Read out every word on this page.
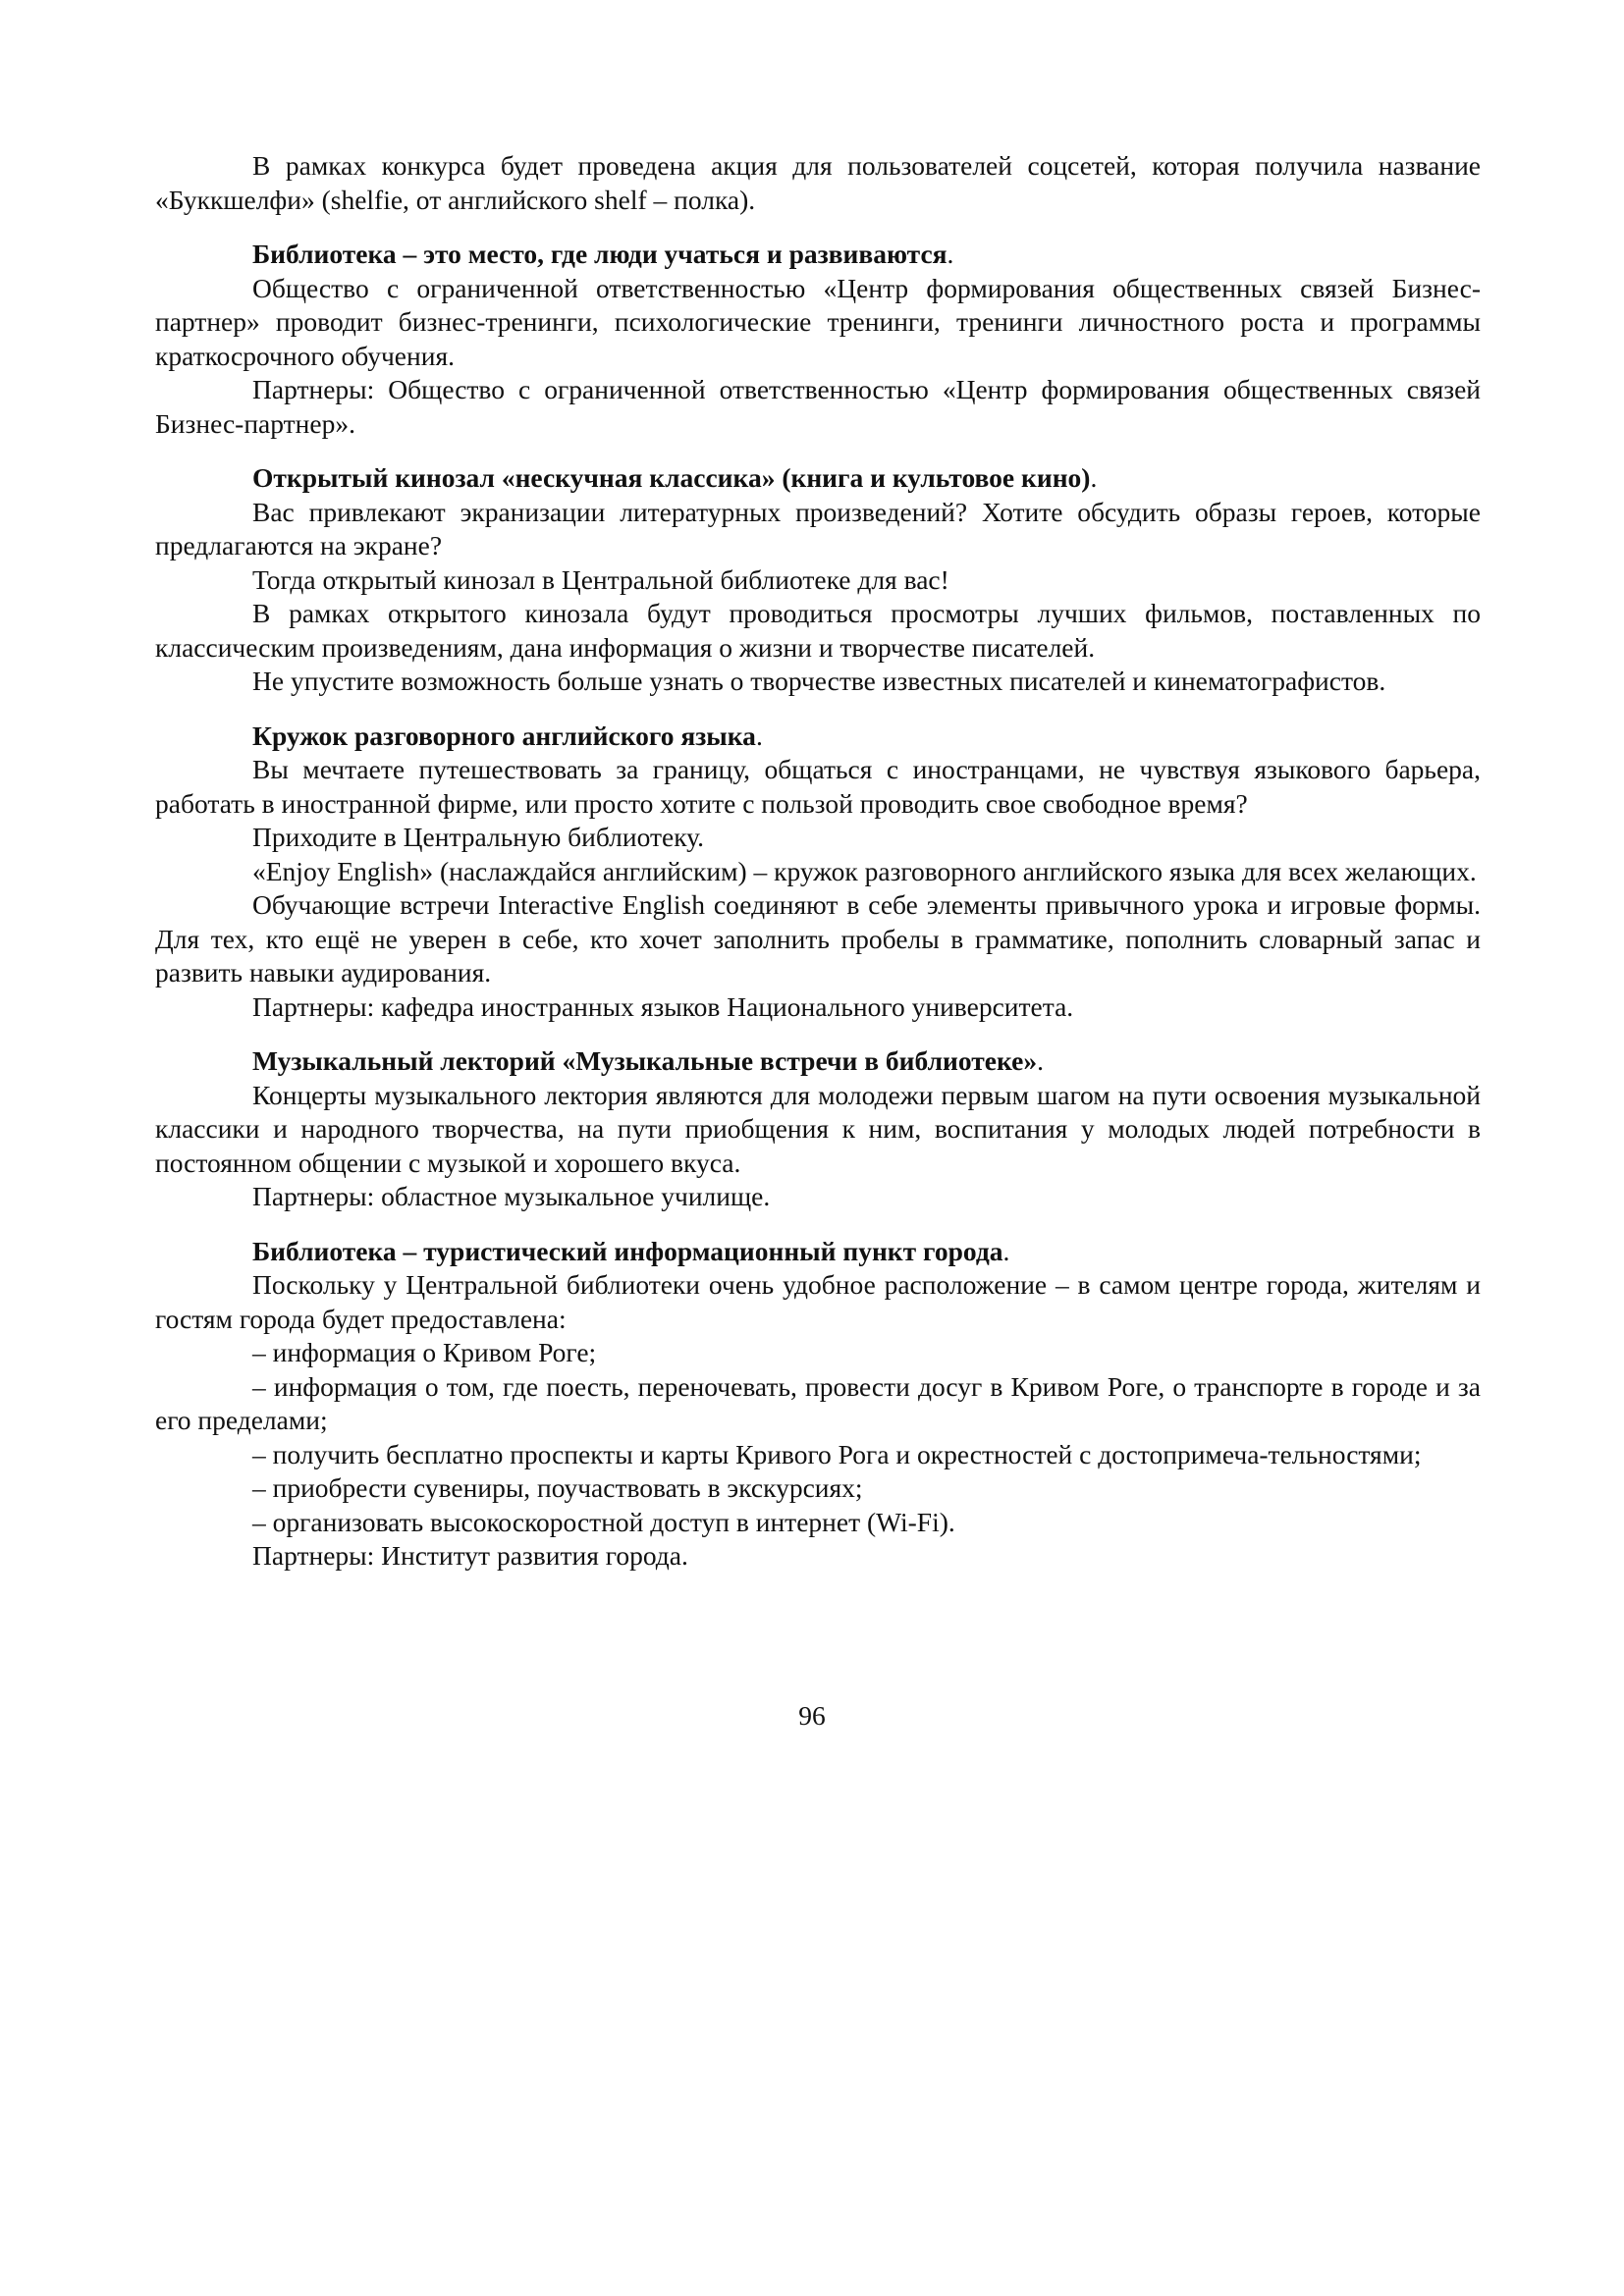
В рамках конкурса будет проведена акция для пользователей соцсетей, которая получила название «Буккшелфи» (shelfie, от английского shelf – полка).

Библиотека – это место, где люди учаться и развиваются.

Общество с ограниченной ответственностью «Центр формирования общественных связей Бизнес-партнер» проводит бизнес-тренинги, психологические тренинги, тренинги личностного роста и программы краткосрочного обучения.

Партнеры: Общество с ограниченной ответственностью «Центр формирования общественных связей Бизнес-партнер».

Открытый кинозал «нескучная классика» (книга и культовое кино).

Вас привлекают экранизации литературных произведений? Хотите обсудить образы героев, которые предлагаются на экране?

Тогда открытый кинозал в Центральной библиотеке для вас!

В рамках открытого кинозала будут проводиться просмотры лучших фильмов, поставленных по классическим произведениям, дана информация о жизни и творчестве писателей.

Не упустите возможность больше узнать о творчестве известных писателей и кинематографистов.

Кружок разговорного английского языка.

Вы мечтаете путешествовать за границу, общаться с иностранцами, не чувствуя языкового барьера, работать в иностранной фирме, или просто хотите с пользой проводить свое свободное время?

Приходите в Центральную библиотеку.

«Enjoy English» (наслаждайся английским) – кружок разговорного английского языка для всех желающих.

Обучающие встречи Interactive English соединяют в себе элементы привычного урока и игровые формы. Для тех, кто ещё не уверен в себе, кто хочет заполнить пробелы в грамматике, пополнить словарный запас и развить навыки аудирования.

Партнеры: кафедра иностранных языков Национального университета.

Музыкальный лекторий «Музыкальные встречи в библиотеке».

Концерты музыкального лектория являются для молодежи первым шагом на пути освоения музыкальной классики и народного творчества, на пути приобщения к ним, воспитания у молодых людей потребности в постоянном общении с музыкой и хорошего вкуса.

Партнеры: областное музыкальное училище.

Библиотека – туристический информационный пункт города.

Поскольку у Центральной библиотеки очень удобное расположение – в самом центре города, жителям и гостям города будет предоставлена:

– информация о Кривом Роге;

– информация о том, где поесть, переночевать, провести досуг в Кривом Роге, о транспорте в городе и за его пределами;

– получить бесплатно проспекты и карты Кривого Рога и окрестностей с достопримеча-тельностями;

– приобрести сувениры, поучаствовать в экскурсиях;

– организовать высокоскоростной доступ в интернет (Wi-Fi).

Партнеры: Институт развития города.

96
